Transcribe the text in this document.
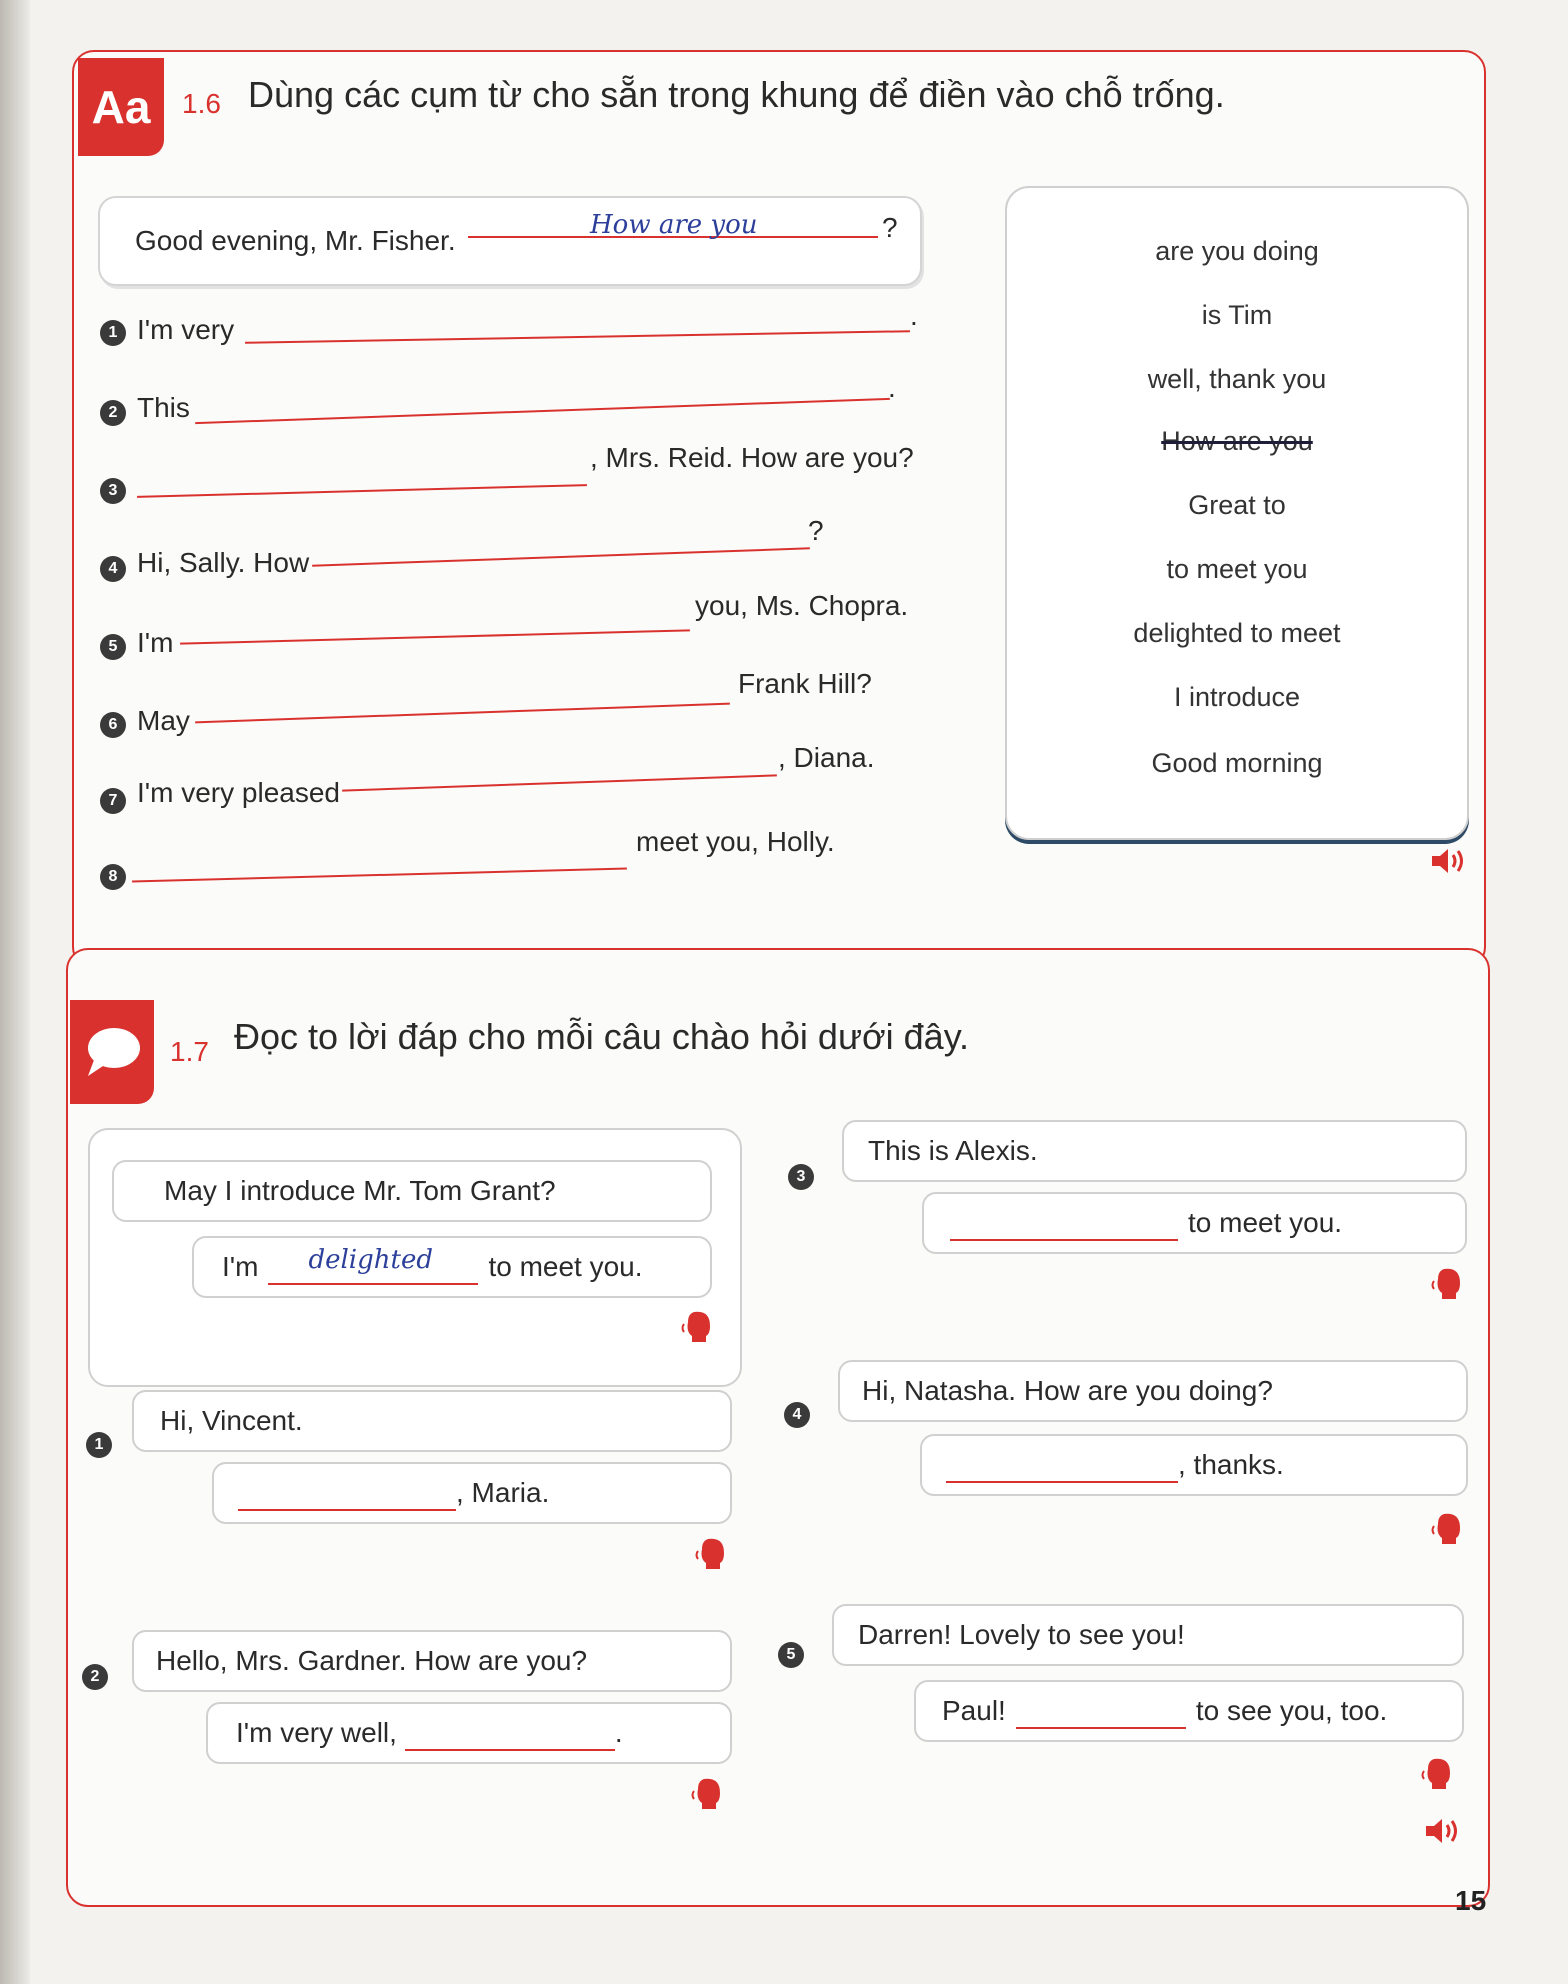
Aa	1.6 Dùng các cụm từ cho sẵn trong khung để điền vào chỗ trống.
Good evening, Mr. Fisher.	How are you	?
1 I'm very	.
2 This
.
3
, Mrs. Reid. How are you?
4 Hi, Sally. How
?
5 I'm
you, Ms. Chopra.
6 May
Frank Hill?
7 I'm very pleased
, Diana.
8
meet you, Holly.
are you doing
is Tim
well, thank you
How are you
Great to
to meet you
delighted to meet
I introduce
Good morning
1.7 Đọc to lời đáp cho mỗi câu chào hỏi dưới đây.
May I introduce Mr. Tom Grant?
I'm delighted to meet you.
1
Hi, Vincent.
, Maria.
2
Hello, Mrs. Gardner. How are you?
I'm very well,	.
3
This is Alexis.
to meet you.
4
Hi, Natasha. How are you doing?
, thanks.
5
Darren! Lovely to see you!
Paul!	to see you, too.
15
